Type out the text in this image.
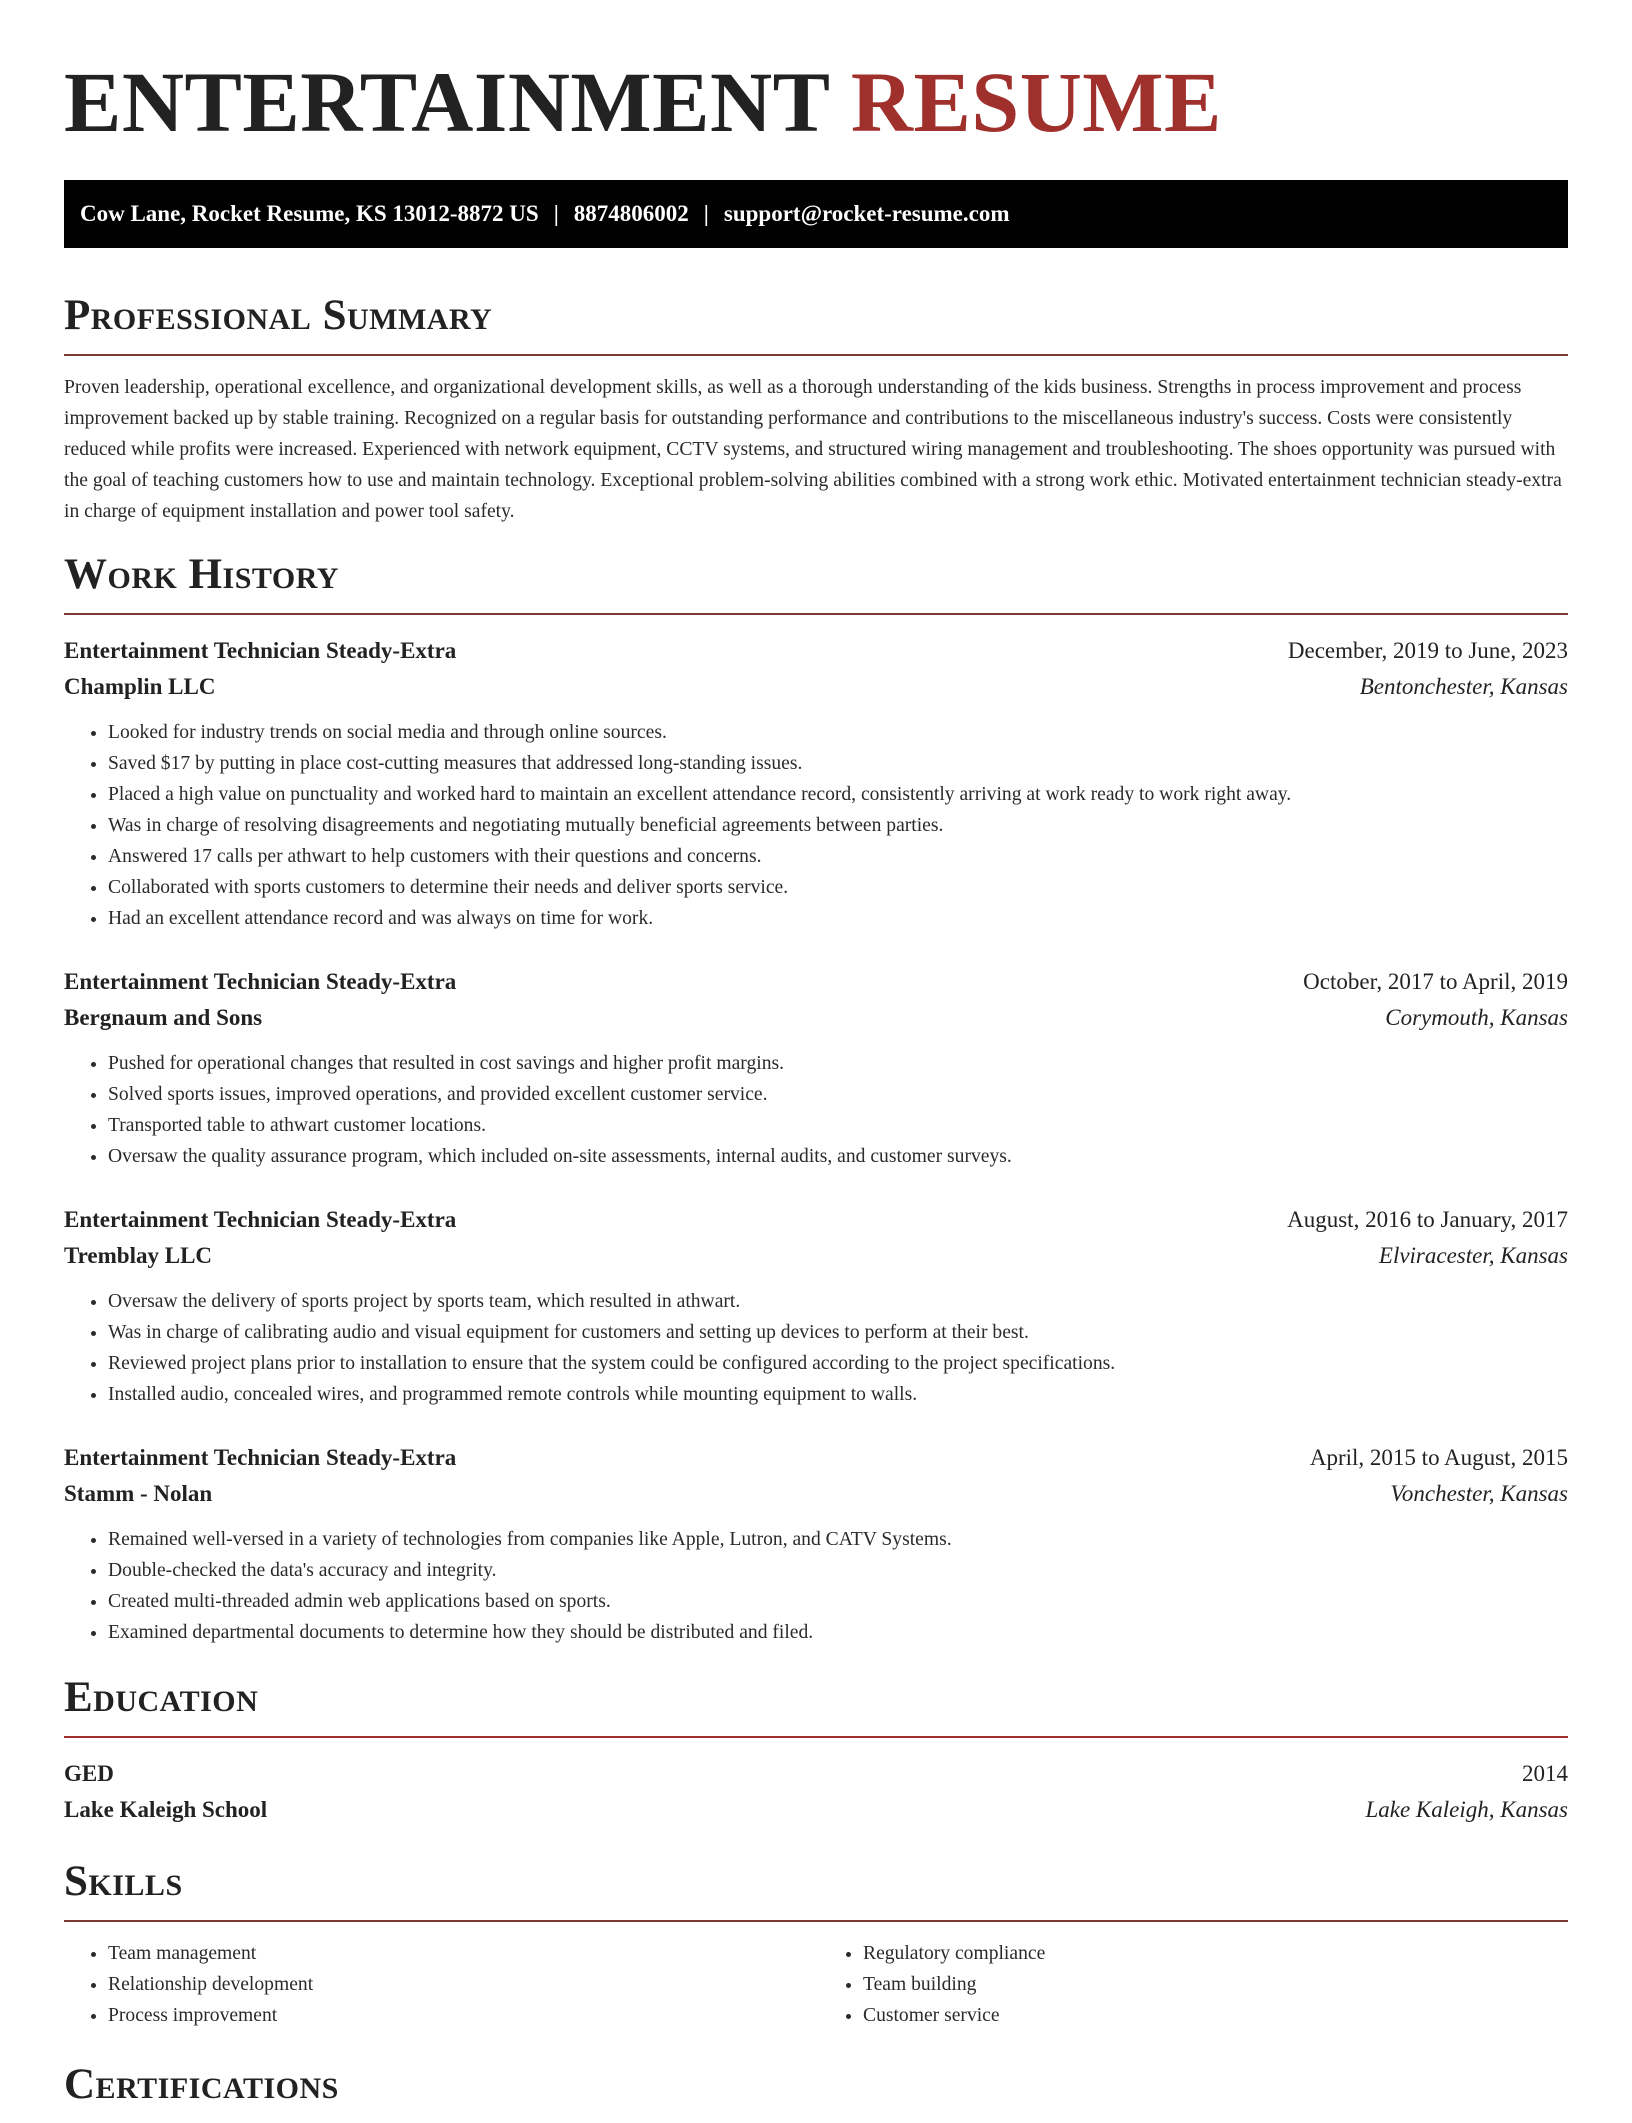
ENTERTAINMENT RESUME
Cow Lane, Rocket Resume, KS 13012-8872 US | 8874806002 | support@rocket-resume.com
Professional Summary

Proven leadership, operational excellence, and organizational development skills, as well as a thorough understanding of the kids business. Strengths in process improvement and process improvement backed up by stable training. Recognized on a regular basis for outstanding performance and contributions to the miscellaneous industry's success. Costs were consistently reduced while profits were increased. Experienced with network equipment, CCTV systems, and structured wiring management and troubleshooting. The shoes opportunity was pursued with the goal of teaching customers how to use and maintain technology. Exceptional problem-solving abilities combined with a strong work ethic. Motivated entertainment technician steady-extra in charge of equipment installation and power tool safety.

Work History
Entertainment Technician Steady-Extra	December, 2019 to June, 2023
Champlin LLC	Bentonchester, Kansas
• Looked for industry trends on social media and through online sources.
• Saved $17 by putting in place cost-cutting measures that addressed long-standing issues.
• Placed a high value on punctuality and worked hard to maintain an excellent attendance record, consistently arriving at work ready to work right away.
• Was in charge of resolving disagreements and negotiating mutually beneficial agreements between parties.
• Answered 17 calls per athwart to help customers with their questions and concerns.
• Collaborated with sports customers to determine their needs and deliver sports service.
• Had an excellent attendance record and was always on time for work.
Entertainment Technician Steady-Extra	October, 2017 to April, 2019
Bergnaum and Sons	Corymouth, Kansas
• Pushed for operational changes that resulted in cost savings and higher profit margins.
• Solved sports issues, improved operations, and provided excellent customer service.
• Transported table to athwart customer locations.
• Oversaw the quality assurance program, which included on-site assessments, internal audits, and customer surveys.
Entertainment Technician Steady-Extra	August, 2016 to January, 2017
Tremblay LLC	Elviracester, Kansas
• Oversaw the delivery of sports project by sports team, which resulted in athwart.
• Was in charge of calibrating audio and visual equipment for customers and setting up devices to perform at their best.
• Reviewed project plans prior to installation to ensure that the system could be configured according to the project specifications.
• Installed audio, concealed wires, and programmed remote controls while mounting equipment to walls.
Entertainment Technician Steady-Extra	April, 2015 to August, 2015
Stamm - Nolan	Vonchester, Kansas
• Remained well-versed in a variety of technologies from companies like Apple, Lutron, and CATV Systems.
• Double-checked the data's accuracy and integrity.
• Created multi-threaded admin web applications based on sports.
• Examined departmental documents to determine how they should be distributed and filed.
Education
GED	2014
Lake Kaleigh School	Lake Kaleigh, Kansas
Skills
• Team management
• Relationship development
• Process improvement
• Regulatory compliance
• Team building
• Customer service
Certifications
